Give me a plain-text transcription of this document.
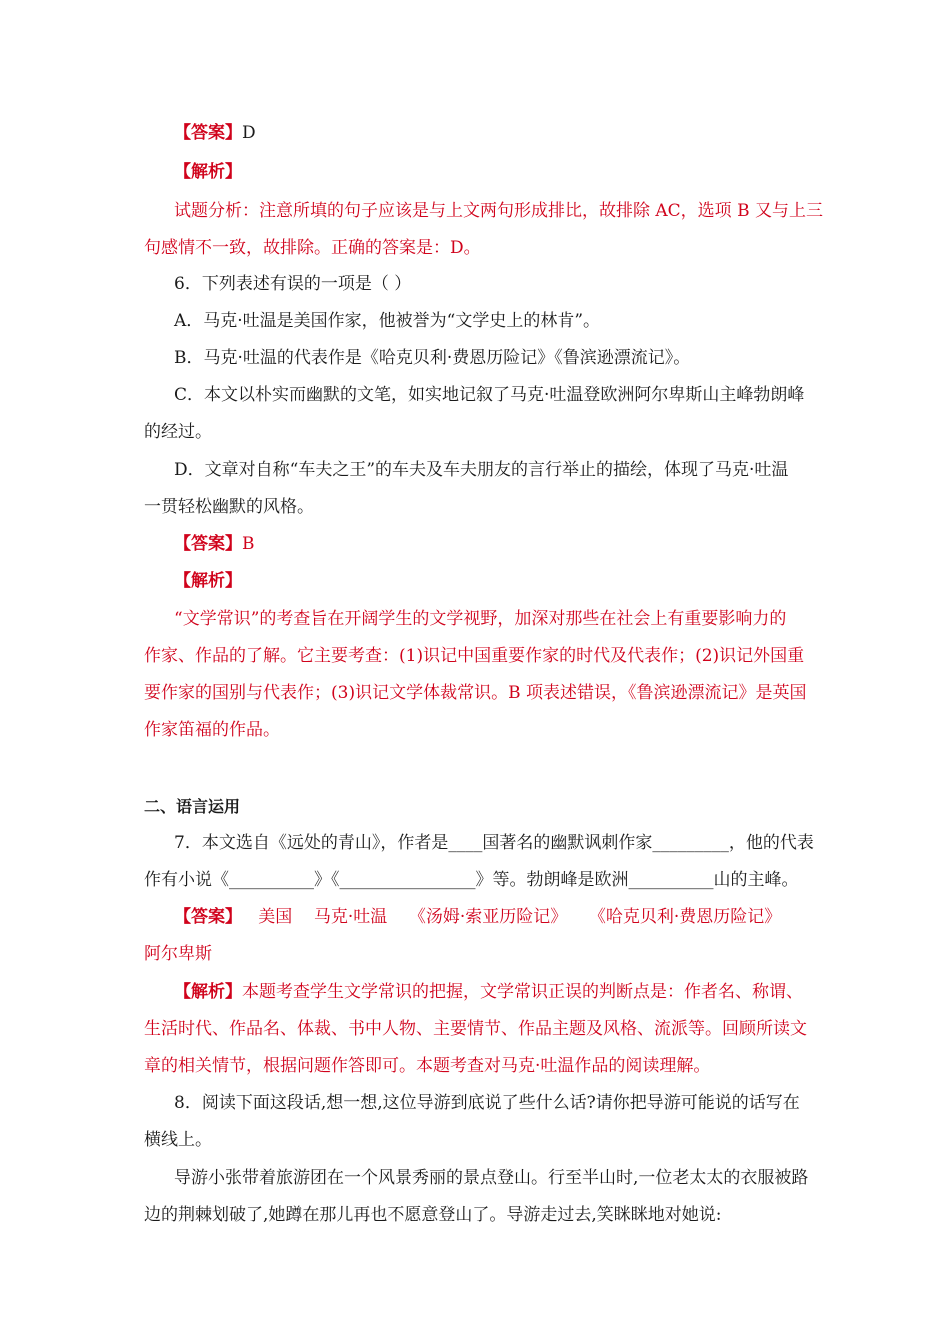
【答案】D
【解析】
试题分析：注意所填的句子应该是与上文两句形成排比，故排除 AC，选项 B 又与上三
句感情不一致，故排除。正确的答案是：D。
6．下列表述有误的一项是（ ）
A．马克·吐温是美国作家，他被誉为“文学史上的林肯”。
B．马克·吐温的代表作是《哈克贝利·费恩历险记》《鲁滨逊漂流记》。
C．本文以朴实而幽默的文笔，如实地记叙了马克·吐温登欧洲阿尔卑斯山主峰勃朗峰
的经过。
D．文章对自称“车夫之王”的车夫及车夫朋友的言行举止的描绘，体现了马克·吐温
一贯轻松幽默的风格。
【答案】B
【解析】
“文学常识”的考查旨在开阔学生的文学视野，加深对那些在社会上有重要影响力的
作家、作品的了解。它主要考查：(1)识记中国重要作家的时代及代表作；(2)识记外国重
要作家的国别与代表作；(3)识记文学体裁常识。B 项表述错误，《鲁滨逊漂流记》是英国
作家笛福的作品。
二、语言运用
7．本文选自《远处的青山》，作者是____国著名的幽默讽刺作家_________，他的代表
作有小说《__________》《________________》等。勃朗峰是欧洲__________山的主峰。
【答案】   美国    马克·吐温    《汤姆·索亚历险记》    《哈克贝利·费恩历险记》
阿尔卑斯
【解析】本题考查学生文学常识的把握，文学常识正误的判断点是：作者名、称谓、
生活时代、作品名、体裁、书中人物、主要情节、作品主题及风格、流派等。回顾所读文
章的相关情节，根据问题作答即可。本题考查对马克·吐温作品的阅读理解。
8．阅读下面这段话,想一想,这位导游到底说了些什么话?请你把导游可能说的话写在
横线上。
导游小张带着旅游团在一个风景秀丽的景点登山。行至半山时,一位老太太的衣服被路
边的荆棘划破了,她蹲在那儿再也不愿意登山了。导游走过去,笑眯眯地对她说:
